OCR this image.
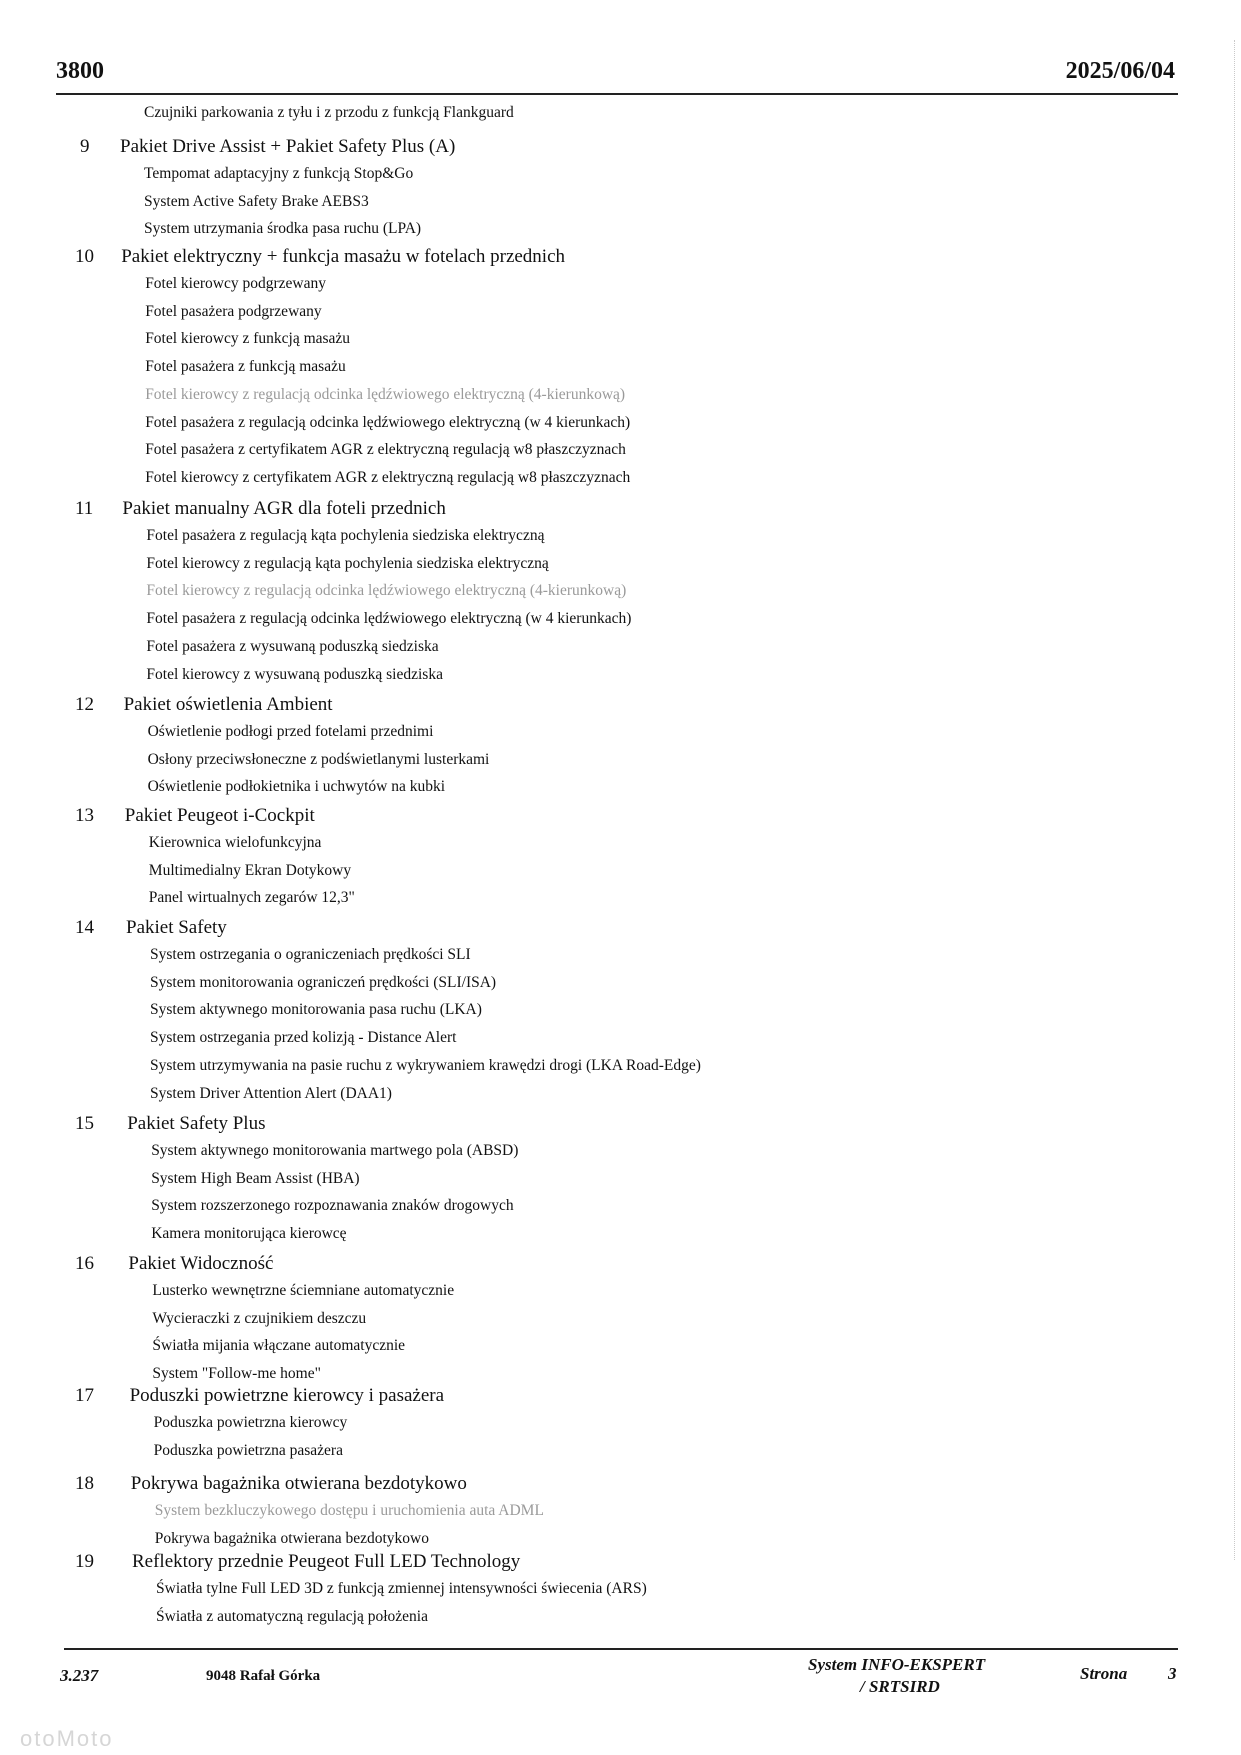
3800	2025/06/04
Czujniki parkowania z tyłu i z przodu z funkcją Flankguard
9 Pakiet Drive Assist + Pakiet Safety Plus (A)
Tempomat adaptacyjny z funkcją Stop&Go
System Active Safety Brake AEBS3
System utrzymania środka pasa ruchu (LPA)
10 Pakiet elektryczny + funkcja masażu w fotelach przednich
Fotel kierowcy podgrzewany
Fotel pasażera podgrzewany
Fotel kierowcy z funkcją masażu
Fotel pasażera z funkcją masażu
Fotel kierowcy z regulacją odcinka lędźwiowego elektryczną (4-kierunkową)
Fotel pasażera z regulacją odcinka lędźwiowego elektryczną (w 4 kierunkach)
Fotel pasażera z certyfikatem AGR z elektryczną regulacją w8 płaszczyznach
Fotel kierowcy z certyfikatem AGR z elektryczną regulacją w8 płaszczyznach
11 Pakiet manualny AGR dla foteli przednich
Fotel pasażera z regulacją kąta pochylenia siedziska elektryczną
Fotel kierowcy z regulacją kąta pochylenia siedziska elektryczną
Fotel kierowcy z regulacją odcinka lędźwiowego elektryczną (4-kierunkową)
Fotel pasażera z regulacją odcinka lędźwiowego elektryczną (w 4 kierunkach)
Fotel pasażera z wysuwaną poduszką siedziska
Fotel kierowcy z wysuwaną poduszką siedziska
12 Pakiet oświetlenia Ambient
Oświetlenie podłogi przed fotelami przednimi
Osłony przeciwsłoneczne z podświetlanymi lusterkami
Oświetlenie podłokietnika i uchwytów na kubki
13 Pakiet Peugeot i-Cockpit
Kierownica wielofunkcyjna
Multimedialny Ekran Dotykowy
Panel wirtualnych zegarów 12,3"
14 Pakiet Safety
System ostrzegania o ograniczeniach prędkości SLI
System monitorowania ograniczeń prędkości (SLI/ISA)
System aktywnego monitorowania pasa ruchu (LKA)
System ostrzegania przed kolizją - Distance Alert
System utrzymywania na pasie ruchu z wykrywaniem krawędzi drogi (LKA Road-Edge)
System Driver Attention Alert (DAA1)
15 Pakiet Safety Plus
System aktywnego monitorowania martwego pola (ABSD)
System High Beam Assist (HBA)
System rozszerzonego rozpoznawania znaków drogowych
Kamera monitorująca kierowcę
16 Pakiet Widoczność
Lusterko wewnętrzne ściemniane automatycznie
Wycieraczki z czujnikiem deszczu
Światła mijania włączane automatycznie
System "Follow-me home"
17 Poduszki powietrzne kierowcy i pasażera
Poduszka powietrzna kierowcy
Poduszka powietrzna pasażera
18 Pokrywa bagażnika otwierana bezdotykowo
System bezkluczykowego dostępu i uruchomienia auta ADML
Pokrywa bagażnika otwierana bezdotykowo
19 Reflektory przednie Peugeot Full LED Technology
Światła tylne Full LED 3D z funkcją zmiennej intensywności świecenia (ARS)
Światła z automatyczną regulacją położenia
3.237	9048 Rafał Górka
System INFO-EKSPERT
/ SRTSIRD
Strona 3
otoMoto
